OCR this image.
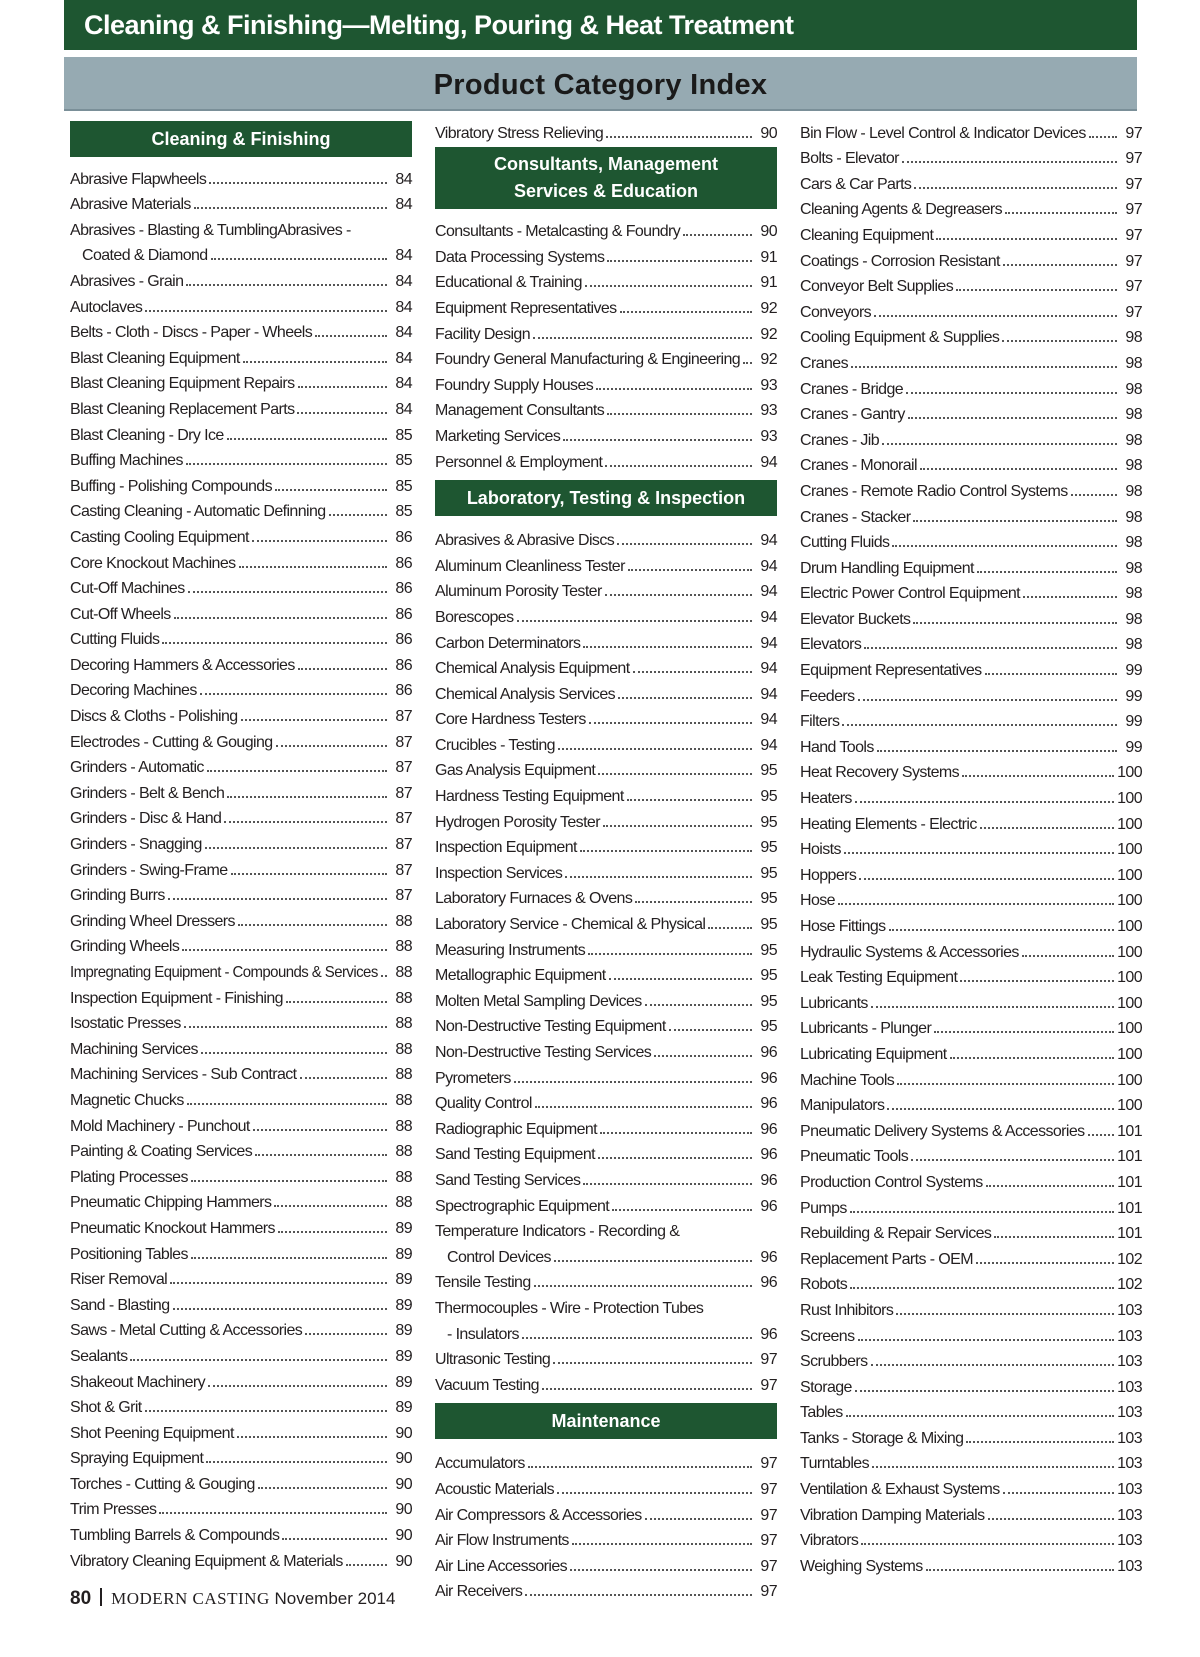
Cleaning & Finishing—Melting, Pouring & Heat Treatment
Product Category Index
Cleaning & Finishing
Abrasive Flapwheels	84
Abrasive Materials	84
Abrasives - Blasting & TumblingAbrasives -
Coated & Diamond	84
Abrasives - Grain	84
Autoclaves	84
Belts - Cloth - Discs - Paper - Wheels	84
Blast Cleaning Equipment	84
Blast Cleaning Equipment Repairs	84
Blast Cleaning Replacement Parts	84
Blast Cleaning - Dry Ice	85
Buffing Machines	85
Buffing - Polishing Compounds	85
Casting Cleaning - Automatic Definning	85
Casting Cooling Equipment	86
Core Knockout Machines	86
Cut-Off Machines	86
Cut-Off Wheels	86
Cutting Fluids	86
Decoring Hammers & Accessories	86
Decoring Machines	86
Discs & Cloths - Polishing	87
Electrodes - Cutting & Gouging	87
Grinders - Automatic	87
Grinders - Belt & Bench	87
Grinders - Disc & Hand	87
Grinders - Snagging	87
Grinders - Swing-Frame	87
Grinding Burrs	87
Grinding Wheel Dressers	88
Grinding Wheels	88
Impregnating Equipment - Compounds & Services	88
Inspection Equipment - Finishing	88
Isostatic Presses	88
Machining Services	88
Machining Services - Sub Contract	88
Magnetic Chucks	88
Mold Machinery - Punchout	88
Painting & Coating Services	88
Plating Processes	88
Pneumatic Chipping Hammers	88
Pneumatic Knockout Hammers	89
Positioning Tables	89
Riser Removal	89
Sand - Blasting	89
Saws - Metal Cutting & Accessories	89
Sealants	89
Shakeout Machinery	89
Shot & Grit	89
Shot Peening Equipment	90
Spraying Equipment	90
Torches - Cutting & Gouging	90
Trim Presses	90
Tumbling Barrels & Compounds	90
Vibratory Cleaning Equipment & Materials	90
Vibratory Stress Relieving	90
Consultants, Management
Services & Education
Consultants - Metalcasting & Foundry	90
Data Processing Systems	91
Educational & Training	91
Equipment Representatives	92
Facility Design	92
Foundry General Manufacturing & Engineering	92
Foundry Supply Houses	93
Management Consultants	93
Marketing Services	93
Personnel & Employment	94
Laboratory, Testing & Inspection
Abrasives & Abrasive Discs	94
Aluminum Cleanliness Tester	94
Aluminum Porosity Tester	94
Borescopes	94
Carbon Determinators	94
Chemical Analysis Equipment	94
Chemical Analysis Services	94
Core Hardness Testers	94
Crucibles - Testing	94
Gas Analysis Equipment	95
Hardness Testing Equipment	95
Hydrogen Porosity Tester	95
Inspection Equipment	95
Inspection Services	95
Laboratory Furnaces & Ovens	95
Laboratory Service - Chemical & Physical	95
Measuring Instruments	95
Metallographic Equipment	95
Molten Metal Sampling Devices	95
Non-Destructive Testing Equipment	95
Non-Destructive Testing Services	96
Pyrometers	96
Quality Control	96
Radiographic Equipment	96
Sand Testing Equipment	96
Sand Testing Services	96
Spectrographic Equipment	96
Temperature Indicators - Recording &
Control Devices	96
Tensile Testing	96
Thermocouples - Wire - Protection Tubes
- Insulators	96
Ultrasonic Testing	97
Vacuum Testing	97
Maintenance
Accumulators	97
Acoustic Materials	97
Air Compressors & Accessories	97
Air Flow Instruments	97
Air Line Accessories	97
Air Receivers	97
Bin Flow - Level Control & Indicator Devices	97
Bolts - Elevator	97
Cars & Car Parts	97
Cleaning Agents & Degreasers	97
Cleaning Equipment	97
Coatings - Corrosion Resistant	97
Conveyor Belt Supplies	97
Conveyors	97
Cooling Equipment & Supplies	98
Cranes	98
Cranes - Bridge	98
Cranes - Gantry	98
Cranes - Jib	98
Cranes - Monorail	98
Cranes - Remote Radio Control Systems	98
Cranes - Stacker	98
Cutting Fluids	98
Drum Handling Equipment	98
Electric Power Control Equipment	98
Elevator Buckets	98
Elevators	98
Equipment Representatives	99
Feeders	99
Filters	99
Hand Tools	99
Heat Recovery Systems	100
Heaters	100
Heating Elements - Electric	100
Hoists	100
Hoppers	100
Hose	100
Hose Fittings	100
Hydraulic Systems & Accessories	100
Leak Testing Equipment	100
Lubricants	100
Lubricants - Plunger	100
Lubricating Equipment	100
Machine Tools	100
Manipulators	100
Pneumatic Delivery Systems & Accessories 101
Pneumatic Tools	101
Production Control Systems	101
Pumps	101
Rebuilding & Repair Services	101
Replacement Parts - OEM	102
Robots	102
Rust Inhibitors	103
Screens	103
Scrubbers	103
Storage	103
Tables	103
Tanks - Storage & Mixing	103
Turntables	103
Ventilation & Exhaust Systems	103
Vibration Damping Materials	103
Vibrators	103
Weighing Systems	103
80 MODERN CASTING November 2014
